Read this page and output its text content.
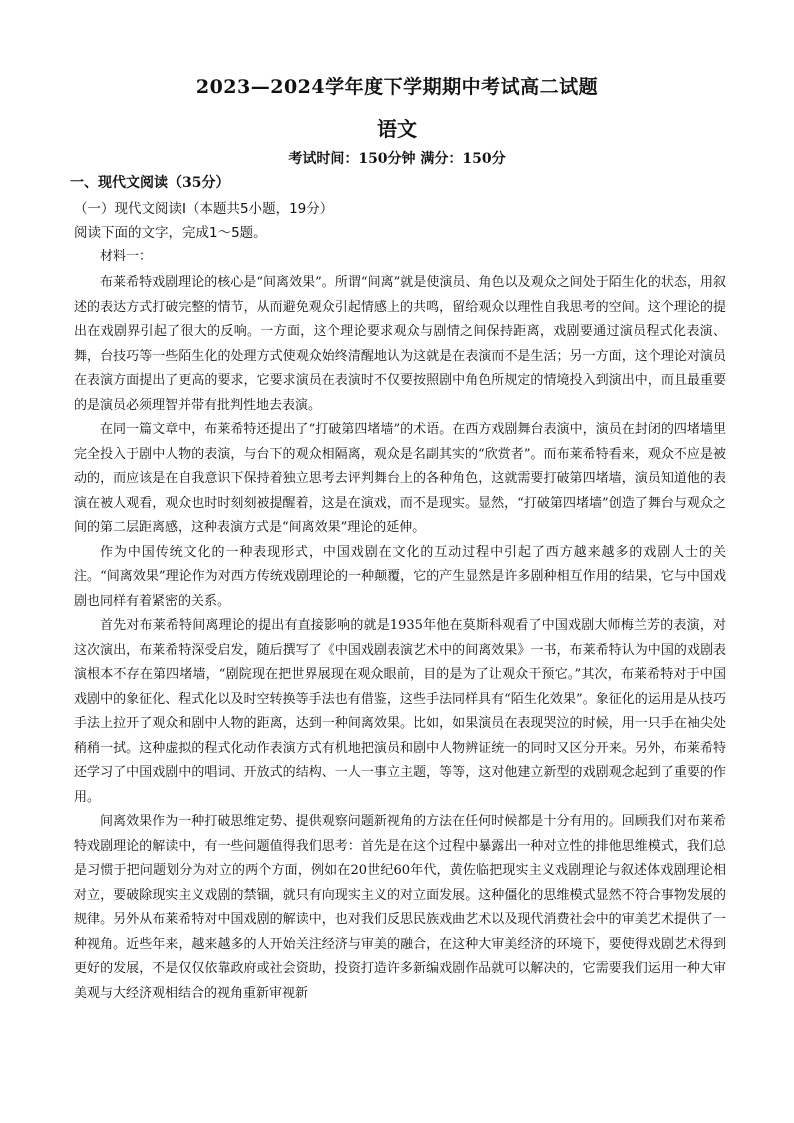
2023—2024学年度下学期期中考试高二试题
语文
考试时间：150分钟 满分：150分
一、现代文阅读（35分）
（一）现代文阅读Ⅰ（本题共5小题，19分）
阅读下面的文字，完成1～5题。
材料一：

布莱希特戏剧理论的核心是“间离效果”。所谓“间离”就是使演员、角色以及观众之间处于陌生化的状态，用叙述的表达方式打破完整的情节，从而避免观众引起情感上的共鸣，留给观众以理性自我思考的空间。这个理论的提出在戏剧界引起了很大的反响。一方面，这个理论要求观众与剧情之间保持距离，戏剧要通过演员程式化表演、舞，台技巧等一些陌生化的处理方式使观众始终清醒地认为这就是在表演而不是生活；另一方面，这个理论对演员在表演方面提出了更高的要求，它要求演员在表演时不仅要按照剧中角色所规定的情境投入到演出中，而且最重要的是演员必须理智并带有批判性地去表演。

在同一篇文章中，布莱希特还提出了“打破第四堵墙”的术语。在西方戏剧舞台表演中，演员在封闭的四堵墙里完全投入于剧中人物的表演，与台下的观众相隔离，观众是名副其实的“欣赏者”。而布莱希特看来，观众不应是被动的，而应该是在自我意识下保持着独立思考去评判舞台上的各种角色，这就需要打破第四堵墙，演员知道他的表演在被人观看，观众也时时刻刻被提醒着，这是在演戏，而不是现实。显然，“打破第四堵墙”创造了舞台与观众之间的第二层距离感，这种表演方式是“间离效果”理论的延伸。

作为中国传统文化的一种表现形式，中国戏剧在文化的互动过程中引起了西方越来越多的戏剧人士的关注。“间离效果”理论作为对西方传统戏剧理论的一种颠覆，它的产生显然是许多剧种相互作用的结果，它与中国戏剧也同样有着紧密的关系。

首先对布莱希特间离理论的提出有直接影响的就是1935年他在莫斯科观看了中国戏剧大师梅兰芳的表演，对这次演出，布莱希特深受启发，随后撰写了《中国戏剧表演艺术中的间离效果》一书，布莱希特认为中国的戏剧表演根本不存在第四堵墙，“剧院现在把世界展现在观众眼前，目的是为了让观众干预它。”其次，布莱希特对于中国戏剧中的象征化、程式化以及时空转换等手法也有借鉴，这些手法同样具有“陌生化效果”。象征化的运用是从技巧手法上拉开了观众和剧中人物的距离，达到一种间离效果。比如，如果演员在表现哭泣的时候，用一只手在袖尖处稍稍一拭。这种虚拟的程式化动作表演方式有机地把演员和剧中人物辨证统一的同时又区分开来。另外，布莱希特还学习了中国戏剧中的唱词、开放式的结构、一人一事立主题，等等，这对他建立新型的戏剧观念起到了重要的作用。

间离效果作为一种打破思维定势、提供观察问题新视角的方法在任何时候都是十分有用的。回顾我们对布莱希特戏剧理论的解读中，有一些问题值得我们思考：首先是在这个过程中暴露出一种对立性的排他思维模式，我们总是习惯于把问题划分为对立的两个方面，例如在20世纪60年代，黄佐临把现实主义戏剧理论与叙述体戏剧理论相对立，要破除现实主义戏剧的禁锢，就只有向现实主义的对立面发展。这种僵化的思维模式显然不符合事物发展的规律。另外从布莱希特对中国戏剧的解读中，也对我们反思民族戏曲艺术以及现代消费社会中的审美艺术提供了一种视角。近些年来，越来越多的人开始关注经济与审美的融合，在这种大审美经济的环境下，要使得戏剧艺术得到更好的发展，不是仅仅依靠政府或社会资助，投资打造许多新编戏剧作品就可以解决的，它需要我们运用一种大审美观与大经济观相结合的视角重新审视新
